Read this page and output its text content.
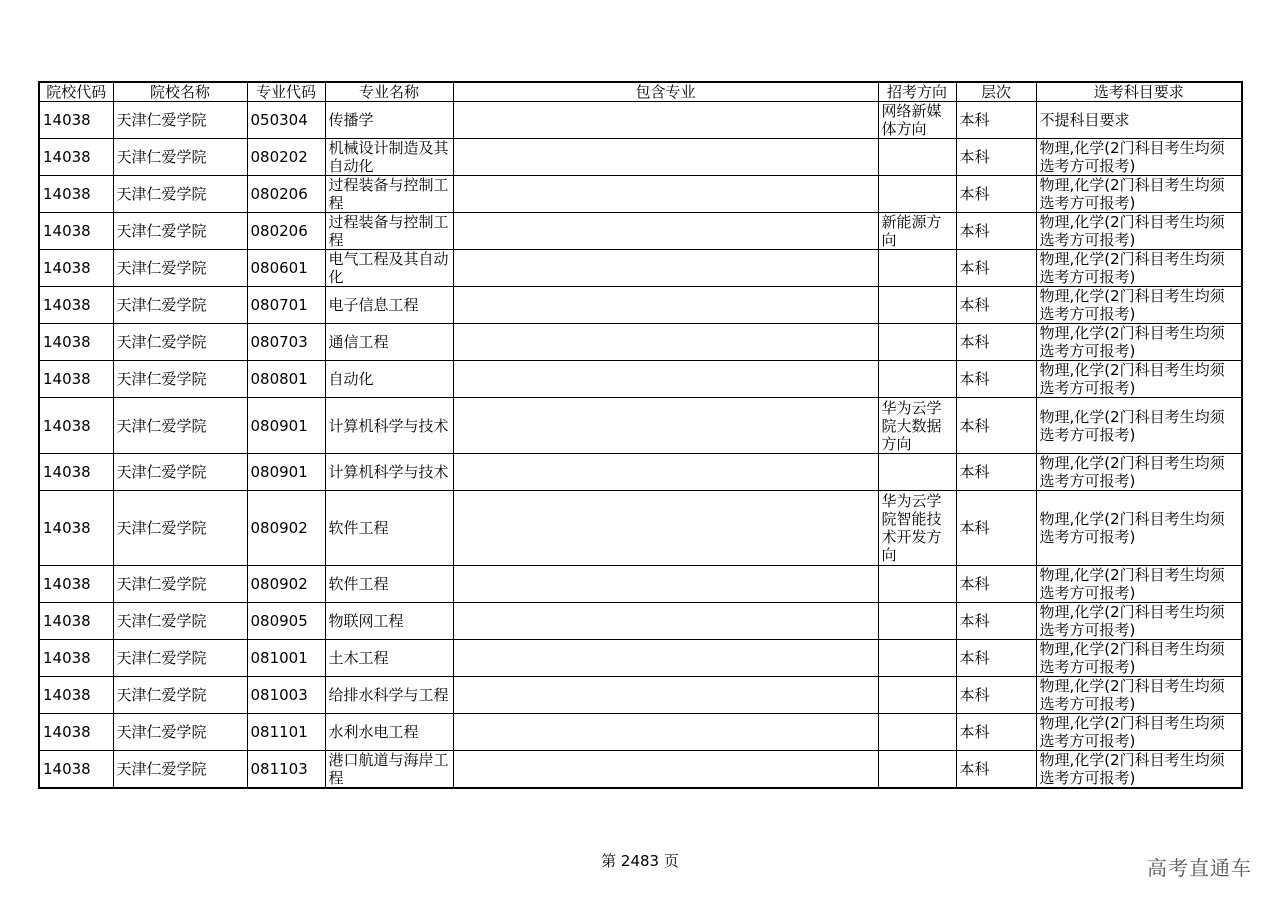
院校代码	院校名称	专业代码	专业名称	包含专业	招考方向	层次	选考科目要求
14038	天津仁爱学院	050304	传播学		网络新媒体方向	本科	不提科目要求
14038	天津仁爱学院	080202	机械设计制造及其自动化			本科	物理,化学(2门科目考生均须选考方可报考)
14038	天津仁爱学院	080206	过程装备与控制工程			本科	物理,化学(2门科目考生均须选考方可报考)
14038	天津仁爱学院	080206	过程装备与控制工程		新能源方向	本科	物理,化学(2门科目考生均须选考方可报考)
14038	天津仁爱学院	080601	电气工程及其自动化			本科	物理,化学(2门科目考生均须选考方可报考)
14038	天津仁爱学院	080701	电子信息工程			本科	物理,化学(2门科目考生均须选考方可报考)
14038	天津仁爱学院	080703	通信工程			本科	物理,化学(2门科目考生均须选考方可报考)
14038	天津仁爱学院	080801	自动化			本科	物理,化学(2门科目考生均须选考方可报考)
14038	天津仁爱学院	080901	计算机科学与技术		华为云学院大数据方向	本科	物理,化学(2门科目考生均须选考方可报考)
14038	天津仁爱学院	080901	计算机科学与技术			本科	物理,化学(2门科目考生均须选考方可报考)
14038	天津仁爱学院	080902	软件工程		华为云学院智能技术开发方向	本科	物理,化学(2门科目考生均须选考方可报考)
14038	天津仁爱学院	080902	软件工程			本科	物理,化学(2门科目考生均须选考方可报考)
14038	天津仁爱学院	080905	物联网工程			本科	物理,化学(2门科目考生均须选考方可报考)
14038	天津仁爱学院	081001	土木工程			本科	物理,化学(2门科目考生均须选考方可报考)
14038	天津仁爱学院	081003	给排水科学与工程			本科	物理,化学(2门科目考生均须选考方可报考)
14038	天津仁爱学院	081101	水利水电工程			本科	物理,化学(2门科目考生均须选考方可报考)
14038	天津仁爱学院	081103	港口航道与海岸工程			本科	物理,化学(2门科目考生均须选考方可报考)
第 2483 页	高考直通车
